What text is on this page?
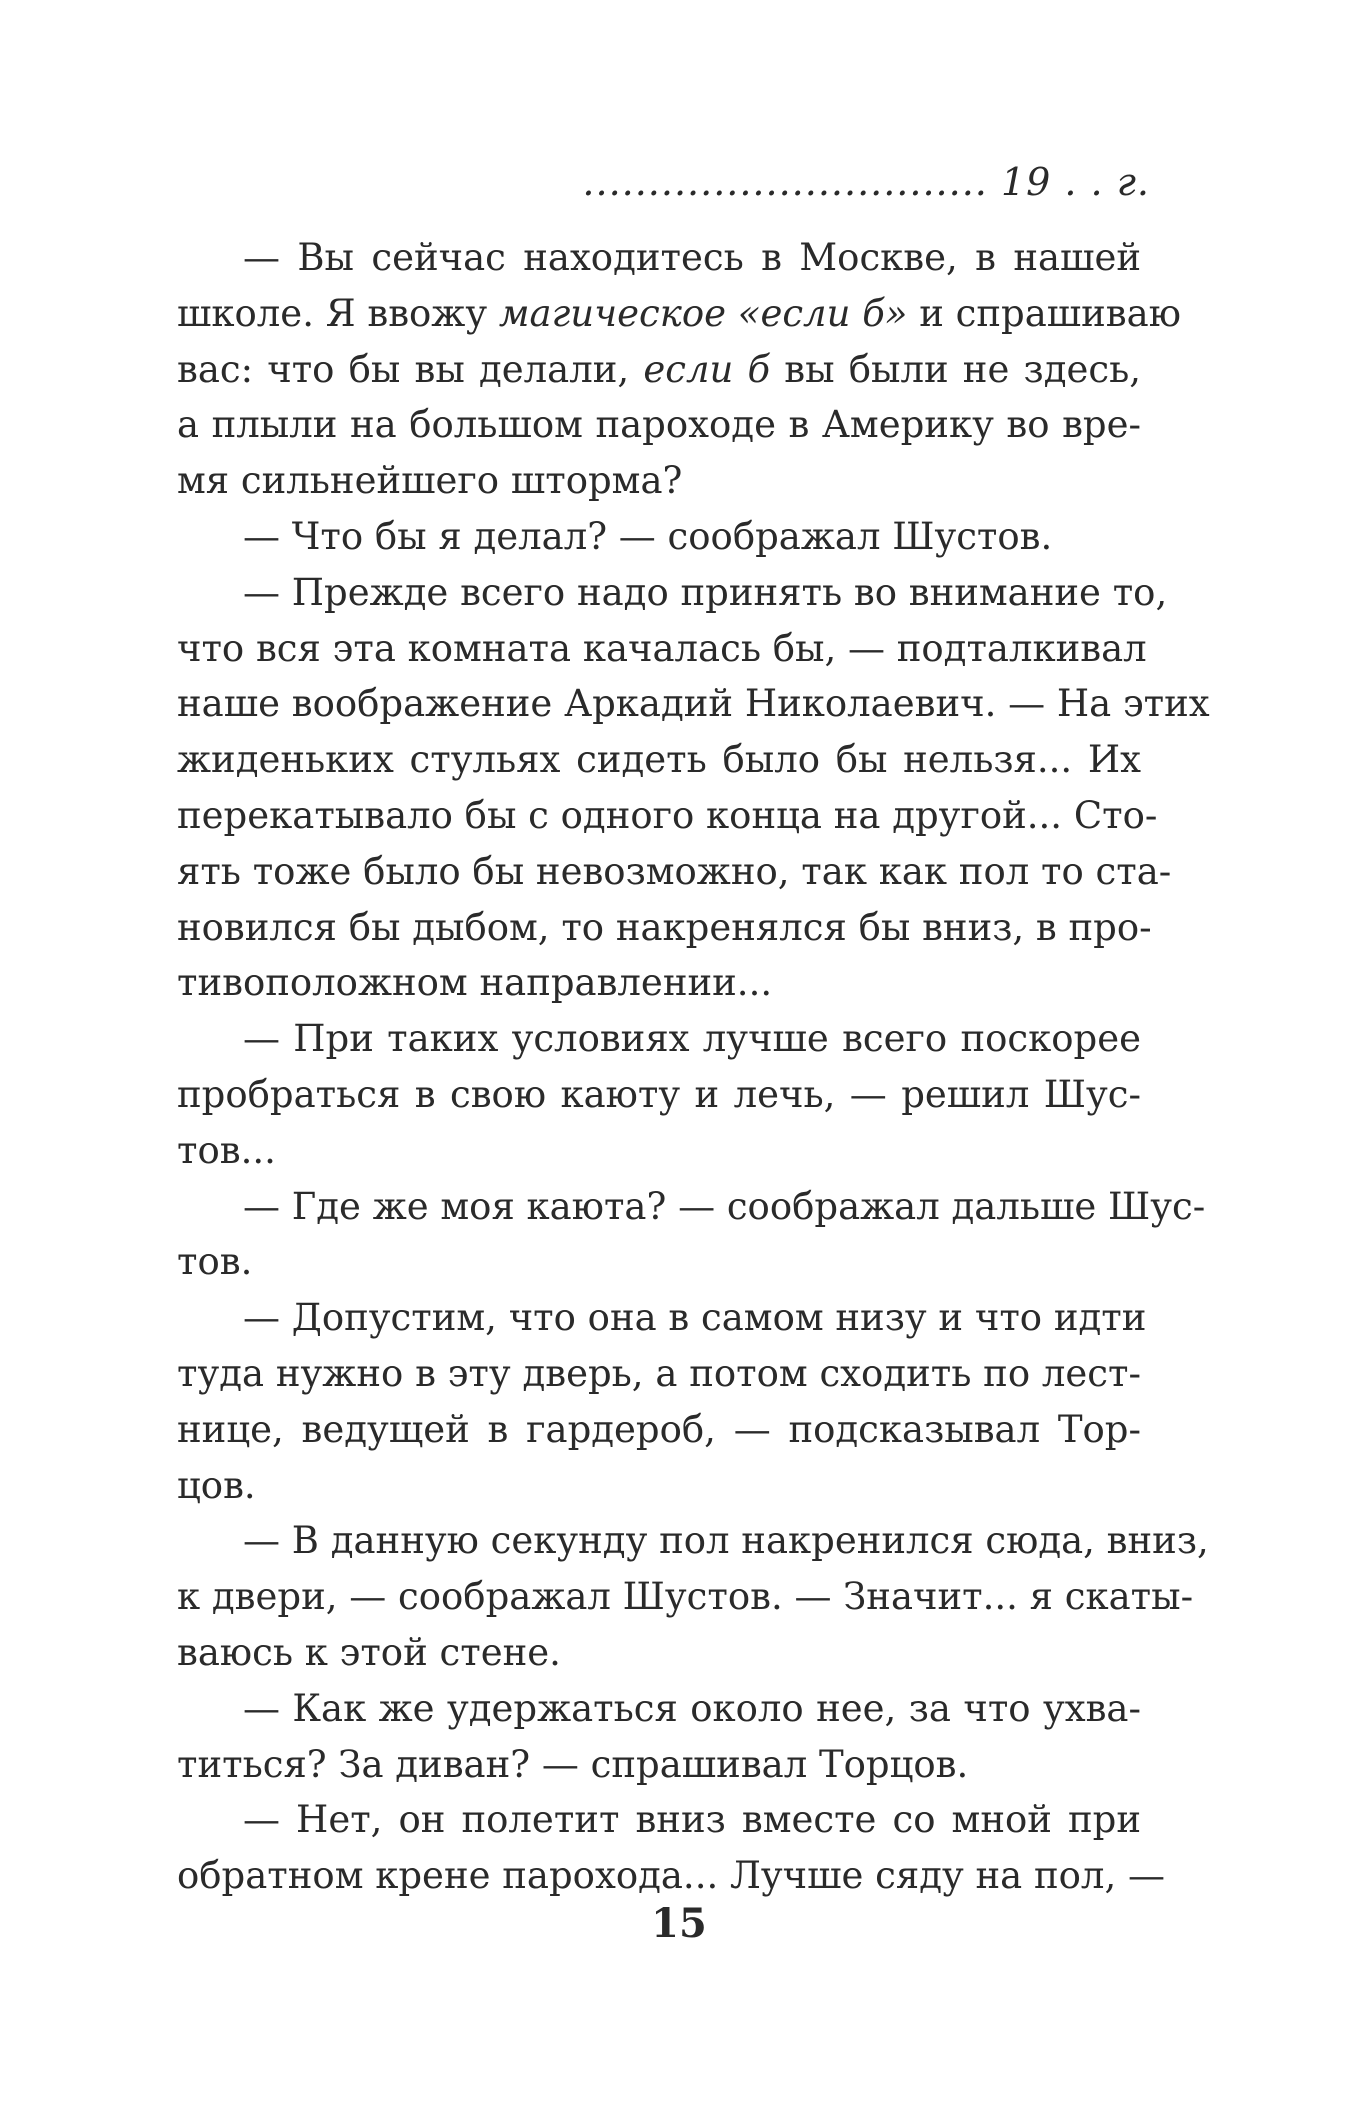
............................... 19 . . г.
— Вы сейчас находитесь в Москве, в нашей
школе. Я ввожу магическое «если б» и спрашиваю
вас: что бы вы делали, если б вы были не здесь,
а плыли на большом пароходе в Америку во вре-
мя сильнейшего шторма?
— Что бы я делал? — соображал Шустов.
— Прежде всего надо принять во внимание то,
что вся эта комната качалась бы, — подталкивал
наше воображение Аркадий Николаевич. — На этих
жиденьких стульях сидеть было бы нельзя... Их
перекатывало бы с одного конца на другой... Сто-
ять тоже было бы невозможно, так как пол то ста-
новился бы дыбом, то накренялся бы вниз, в про-
тивоположном направлении...
— При таких условиях лучше всего поскорее
пробраться в свою каюту и лечь, — решил Шус-
тов...
— Где же моя каюта? — соображал дальше Шус-
тов.
— Допустим, что она в самом низу и что идти
туда нужно в эту дверь, а потом сходить по лест-
нице, ведущей в гардероб, — подсказывал Тор-
цов.
— В данную секунду пол накренился сюда, вниз,
к двери, — соображал Шустов. — Значит... я скаты-
ваюсь к этой стене.
— Как же удержаться около нее, за что ухва-
титься? За диван? — спрашивал Торцов.
— Нет, он полетит вниз вместе со мной при
обратном крене парохода... Лучше сяду на пол, —
15
